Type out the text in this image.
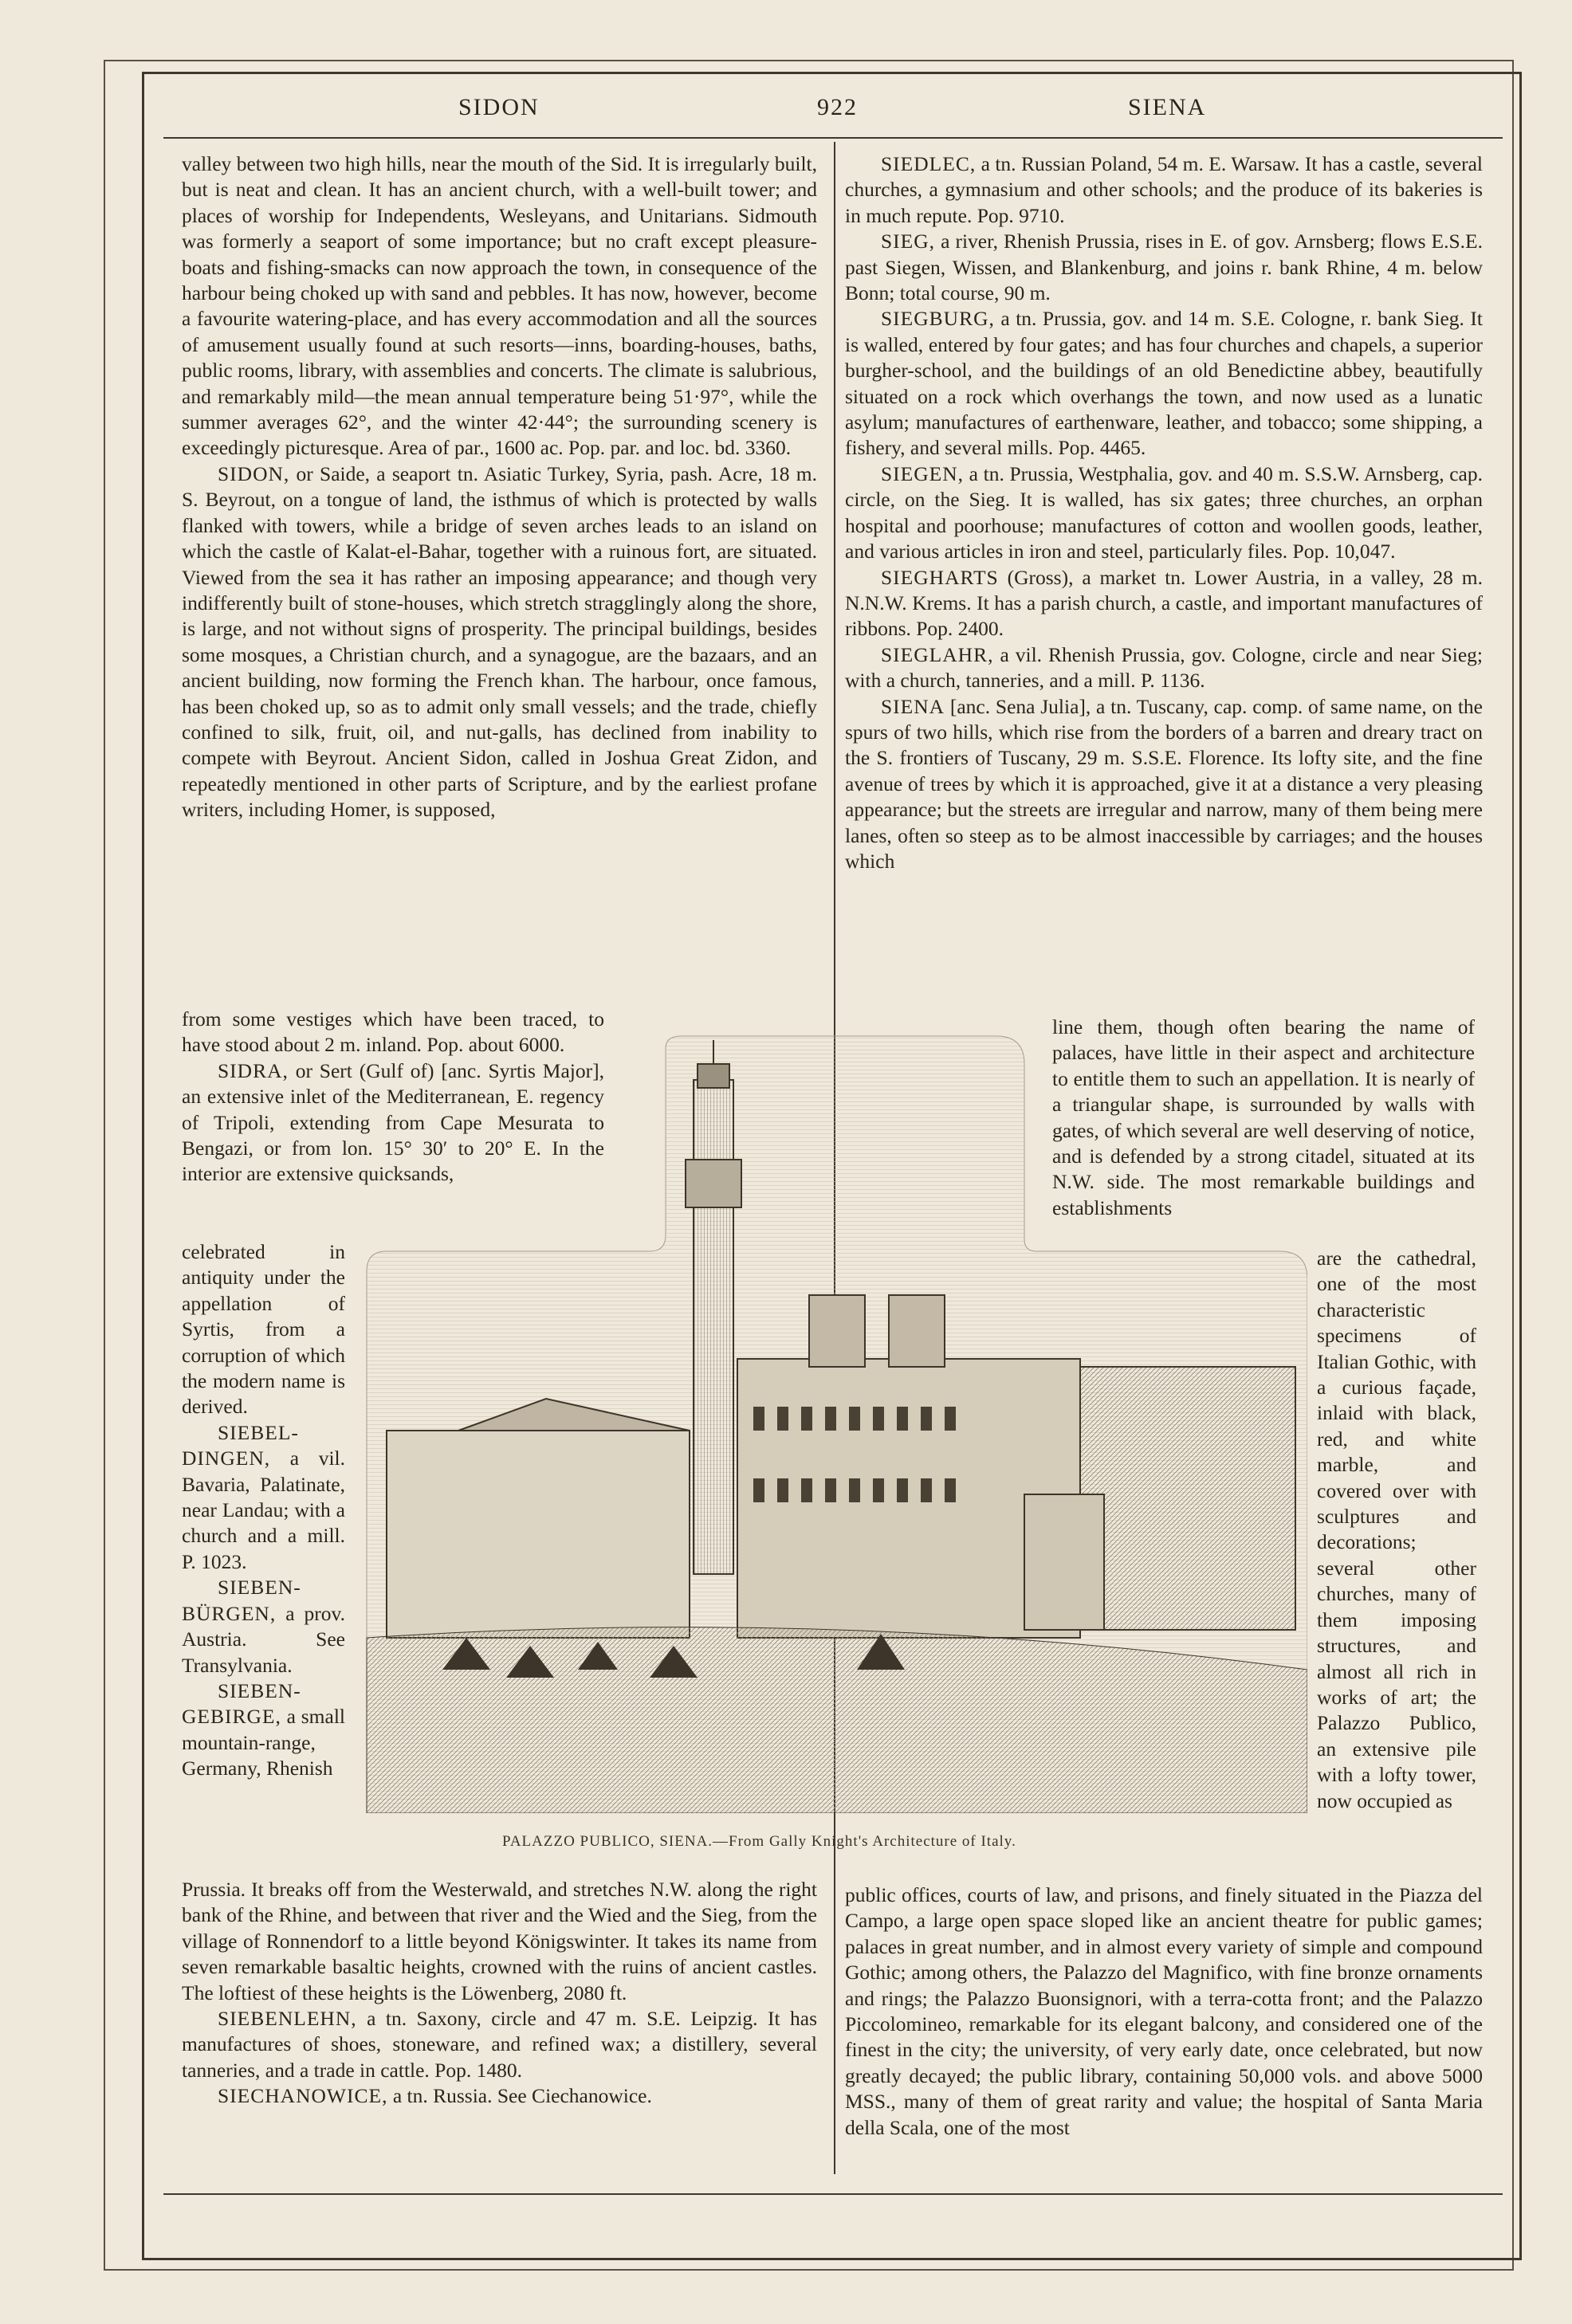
SIDON	922	SIENA

valley between two high hills, near the mouth of the Sid. It is irregularly built, but is neat and clean. It has an ancient church, with a well-built tower; and places of worship for Independents, Wesleyans, and Unitarians. Sidmouth was formerly a seaport of some importance; but no craft except pleasure-boats and fishing-smacks can now approach the town, in consequence of the harbour being choked up with sand and pebbles. It has now, however, become a favourite watering-place, and has every accommodation and all the sources of amusement usually found at such resorts—inns, boarding-houses, baths, public rooms, library, with assemblies and concerts. The climate is salubrious, and remarkably mild—the mean annual temperature being 51·97°, while the summer averages 62°, and the winter 42·44°; the surrounding scenery is exceedingly picturesque. Area of par., 1600 ac. Pop. par. and loc. bd. 3360.

SIDON, or Saide, a seaport tn. Asiatic Turkey, Syria, pash. Acre, 18 m. S. Beyrout, on a tongue of land, the isthmus of which is protected by walls flanked with towers, while a bridge of seven arches leads to an island on which the castle of Kalat-el-Bahar, together with a ruinous fort, are situated. Viewed from the sea it has rather an imposing appearance; and though very indifferently built of stone-houses, which stretch stragglingly along the shore, is large, and not without signs of prosperity. The principal buildings, besides some mosques, a Christian church, and a synagogue, are the bazaars, and an ancient building, now forming the French khan. The harbour, once famous, has been choked up, so as to admit only small vessels; and the trade, chiefly confined to silk, fruit, oil, and nut-galls, has declined from inability to compete with Beyrout. Ancient Sidon, called in Joshua Great Zidon, and repeatedly mentioned in other parts of Scripture, and by the earliest profane writers, including Homer, is supposed,

from some vestiges which have been traced, to have stood about 2 m. inland. Pop. about 6000.

SIDRA, or Sert (Gulf of) [anc. Syrtis Major], an extensive inlet of the Mediterranean, E. regency of Tripoli, extending from Cape Mesurata to Bengazi, or from lon. 15° 30′ to 20° E. In the interior are extensive quicksands,

celebrated in antiquity under the appellation of Syrtis, from a corruption of which the modern name is derived.

SIEBEL-DINGEN, a vil. Bavaria, Palatinate, near Landau; with a church and a mill. P. 1023.

SIEBEN-BÜRGEN, a prov. Austria. See Transylvania.

SIEBEN-GEBIRGE, a small mountain-range, Germany, Rhenish

Prussia. It breaks off from the Westerwald, and stretches N.W. along the right bank of the Rhine, and between that river and the Wied and the Sieg, from the village of Ronnendorf to a little beyond Königswinter. It takes its name from seven remarkable basaltic heights, crowned with the ruins of ancient castles. The loftiest of these heights is the Löwenberg, 2080 ft.

SIEBENLEHN, a tn. Saxony, circle and 47 m. S.E. Leipzig. It has manufactures of shoes, stoneware, and refined wax; a distillery, several tanneries, and a trade in cattle. Pop. 1480.

SIECHANOWICE, a tn. Russia. See Ciechanowice.

SIEDLEC, a tn. Russian Poland, 54 m. E. Warsaw. It has a castle, several churches, a gymnasium and other schools; and the produce of its bakeries is in much repute. Pop. 9710.

SIEG, a river, Rhenish Prussia, rises in E. of gov. Arnsberg; flows E.S.E. past Siegen, Wissen, and Blankenburg, and joins r. bank Rhine, 4 m. below Bonn; total course, 90 m.

SIEGBURG, a tn. Prussia, gov. and 14 m. S.E. Cologne, r. bank Sieg. It is walled, entered by four gates; and has four churches and chapels, a superior burgher-school, and the buildings of an old Benedictine abbey, beautifully situated on a rock which overhangs the town, and now used as a lunatic asylum; manufactures of earthenware, leather, and tobacco; some shipping, a fishery, and several mills. Pop. 4465.

SIEGEN, a tn. Prussia, Westphalia, gov. and 40 m. S.S.W. Arnsberg, cap. circle, on the Sieg. It is walled, has six gates; three churches, an orphan hospital and poorhouse; manufactures of cotton and woollen goods, leather, and various articles in iron and steel, particularly files. Pop. 10,047.

SIEGHARTS (Gross), a market tn. Lower Austria, in a valley, 28 m. N.N.W. Krems. It has a parish church, a castle, and important manufactures of ribbons. Pop. 2400.

SIEGLAHR, a vil. Rhenish Prussia, gov. Cologne, circle and near Sieg; with a church, tanneries, and a mill. P. 1136.

SIENA [anc. Sena Julia], a tn. Tuscany, cap. comp. of same name, on the spurs of two hills, which rise from the borders of a barren and dreary tract on the S. frontiers of Tuscany, 29 m. S.S.E. Florence. Its lofty site, and the fine avenue of trees by which it is approached, give it at a distance a very pleasing appearance; but the streets are irregular and narrow, many of them being mere lanes, often so steep as to be almost inaccessible by carriages; and the houses which

line them, though often bearing the name of palaces, have little in their aspect and architecture to entitle them to such an appellation. It is nearly of a triangular shape, is surrounded by walls with gates, of which several are well deserving of notice, and is defended by a strong citadel, situated at its N.W. side. The most remarkable buildings and establishments

are the cathedral, one of the most characteristic specimens of Italian Gothic, with a curious façade, inlaid with black, red, and white marble, and covered over with sculptures and decorations; several other churches, many of them imposing structures, and almost all rich in works of art; the Palazzo Publico, an extensive pile with a lofty tower, now occupied as

public offices, courts of law, and prisons, and finely situated in the Piazza del Campo, a large open space sloped like an ancient theatre for public games; palaces in great number, and in almost every variety of simple and compound Gothic; among others, the Palazzo del Magnifico, with fine bronze ornaments and rings; the Palazzo Buonsignori, with a terra-cotta front; and the Palazzo Piccolomineo, remarkable for its elegant balcony, and considered one of the finest in the city; the university, of very early date, once celebrated, but now greatly decayed; the public library, containing 50,000 vols. and above 5000 MSS., many of them of great rarity and value; the hospital of Santa Maria della Scala, one of the most

PALAZZO PUBLICO, SIENA.—From Gally Knight's Architecture of Italy.
